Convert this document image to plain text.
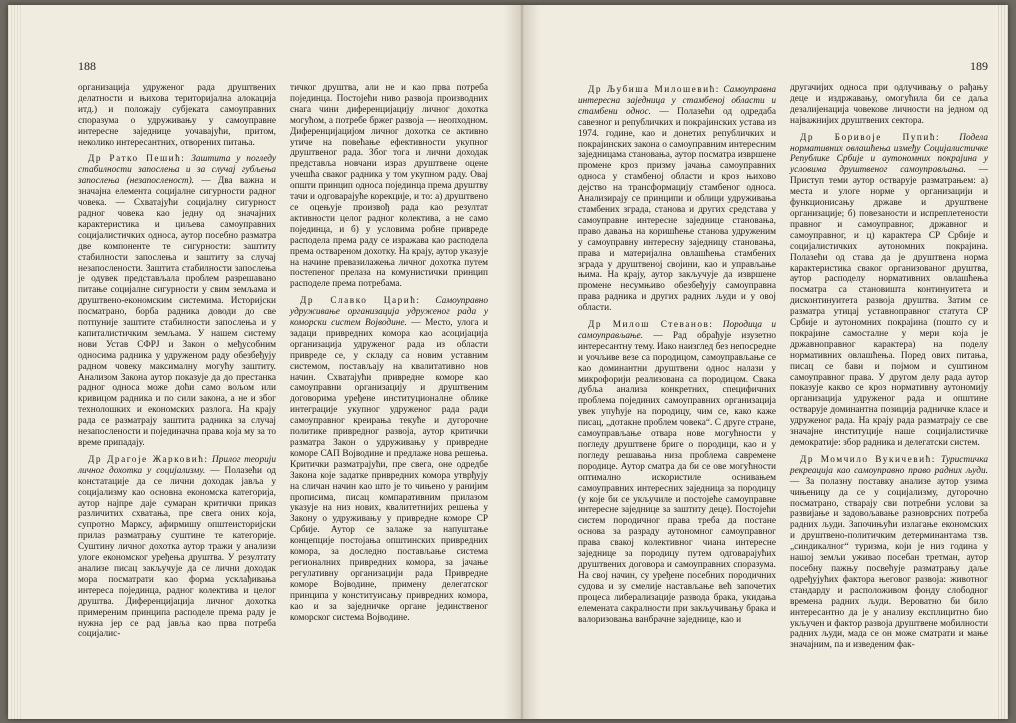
188

организација удруженог рада друштвених делатности и њихова територијална алокација итд.) и положају субјеката самоуправних споразума о удруживању у самоуправне интересне заједнице уочавајући, притом, неколико интересантних, отворених питања.

Др Ратко Пешић: Заштита у погледу стабилности запослења и за случај губљења запослења (незапосленост). — Два важна и значајна елемента социјалне сигурности радног човека. — Схватајући социјалну сигурност радног човека као једну од значајних карактеристика и циљева самоуправних социјалистичких односа, аутор посебно разматра две компоненте те сигурности: заштиту стабилности запослења и заштиту за случај незапослености. Заштита стабилности запослења је одувек представљала проблем разрешавано питање социјалне сигурности у свим земљама и друштвено-економским системима. Историјски посматрано, борба радника доводи до све потпуније заштите стабилности запослења и у капиталистичким земљама. У нашем систему нови Устав СФРЈ и Закон о међусобним односима радника у удруженом раду обезбеђују радном човеку максималну могућу заштиту. Анализом Закона аутор показује да до престанка радног односа може доћи само вољом или кривицом радника и по сили закона, а не и због технолошких и економских разлога. На крају рада се разматрају заштита радника за случај незапослености и појединачна права која му за то време припадају.

Др Драгоје Жарковић: Прилог теорији личног дохотка у социјализму. — Полазећи од констатације да се лични доходак јавља у социјализму као основна економска категорија, аутор најпре даје сумаран критички приказ различитих схватања, пре свега оних која, супротно Марксу, афирмишу општеисторијски прилаз разматрању суштине те категорије. Суштину личног дохотка аутор тражи у анализи улоге економског уређења друштва. У резултату анализе писац закључује да се лични доходак мора посматрати као форма усклађивања интереса појединца, радног колектива и целог друштва. Диференцијација личног дохотка примереним принципа расподеле према раду је нужна јер се рад јавља као прва потреба социјалис-

тичког друштва, али не и као прва потреба појединца. Постојећи ниво развоја производних снага чини диференцијацију личног дохотка могућом, а потребе бржег развоја — неопходном. Диференцијацијом личног дохотка се активно утиче на повећање ефективности укупног друштвеног рада. Због тога и лични доходак представља новчани израз друштвене оцене учешћа сваког радника у том укупном раду. Овај општи принцип односа појединца према друштву тачи и одговарајуће корекције, и то: а) друштвено се оцењује произвођ рада као резултат активности целог радног колектива, а не само појединца, и б) у условима робне привреде расподела према раду се изражава као расподела према оствареном дохотку. На крају, аутор указује на начине превазилажења личног дохотка путем постепеног прелаза на комунистички принцип расподеле према потребама.

Др Славко Царић: Самоуправно удруживање организација удруженог рада у коморски систем Војводине. — Место, улога и задаци привредних комора као асоцијација организација удруженог рада из области привреде се, у складу са новим уставним системом, постављају на квалитативно нов начин. Схватајући привредне коморе као самоуправни организацију и друштвеним договорима уређене институционалне облике интеграције укупног удруженог рада ради самоуправног креирања текуће и дугорочне политике привредног развоја, аутор критички разматра Закон о удруживању у привредне коморе САП Војводине и предлаже нова решења. Критички разматрајући, пре свега, оне одредбе Закона које задатке привредних комора утврђују на сличан начин као што је то чињено у ранијим прописима, писац компаративним прилазом указује на низ нових, квалитетнијих решења у Закону о удруживању у привредне коморе СР Србије. Аутор се залаже за напуштање концепције постојања општинских привредних комора, за доследно постављање система регионалних привредних комора, за јачање регулативну организацији рада Привредне коморе Војводине, примену делегатског принципа у конституисању привредних комора, као и за заједничке органе јединственог коморског система Војводине.

189

Др Љубиша Милошевић: Самоуправна интересна заједница у стамбеној области и стамбени однос. — Полазећи од одредаба савезног и републичких и покрајинских устава из 1974. године, као и донетих републичких и покрајинских закона о самоуправним интересним заједницама становања, аутор посматра извршене промене кроз призму јачања самоуправних односа у стамбеној области и кроз њихово дејство на трансформацију стамбеног односа. Анализирају се принципи и облици удруживања стамбених зграда, станова и других средстава у самоуправне интересне заједнице становања, право давања на коришћење станова удруженим у самоуправну интересну заједницу становања, права и материјална овлашћења стамбених зграда у друштвеној својини, као и управљање њима. На крају, аутор закључује да извршене промене несумњиво обезбеђују самоуправна права радника и других радних људи и у овој области.

Др Милош Стеванов: Породица и самоуправљање. — Рад обрађује изузетно интересантну тему. Иако наизглед без непосредне и уочљиве везе са породицом, самоуправљање се као доминантни друштвени однос налази у микрофорији реализована са породицом. Свака дубља анализа конкретних, специфичних проблема појединих самоуправних организација увек упућује на породицу, чим се, како каже писац, „дотакне проблем човека“. С друге стране, самоуправљање отвара нове могућности у погледу друштвене бриге о породици, као и у погледу решавања низа проблема савремене породице. Аутор сматра да би се ове могућности оптимално искористиле оснивањем самоуправних интересних заједница за породицу (у које би се укључиле и постојеће самоуправне интересне заједнице за заштиту деце). Постојећи систем породичног права треба да постане основа за разраду аутономног самоуправног права свакој колективног чиана интересне заједнице за породицу путем одговарајућих друштвених договора и самоуправних споразума. На свој начин, су уређене посебних породичних судова и зу смелије настављање већ започетих процеса либерализације развода брака, укидања елемената сакралности при закључивању брака и валоризовања ванбрачне заједнице, као и

другачијих односа при одлучивању о рађању деце и издржавању, омогућила би се даља дезалијенација човекове личности на једном од најважнијих друштвених сектора.

Др Боривоје Пупић: Подела нормативних овлашћења између Социјалистичке Републике Србије и аутономних покрајина у условима друштвеног самоуправљања. — Приступ теми аутор остварује разматрањем: а) места и улоге норме у организацији и функционисању државе и друштвене организације; б) повезаности и испреплетености правног и самоуправног, државног и самоуправног, и ц) карактера СР Србије и социјалистичких аутономних покрајина. Полазећи од става да је друштвена норма карактеристика сваког организованог друштва, аутор расподелу нормативних овлашћења посматра са становишта континуитета и дисконтинуитета развоја друштва. Затим се разматра утицај уставноправног статута СР Србије и аутономних покрајина (поштo су и покрајине самосталне у мери која је државноправног карактера) на поделу нормативних овлашћења. Поред ових питања, писац се бави и појмом и суштином самоуправног права. У другом делу рада аутор показује какво се кроз нормативну аутономију организација удруженог рада и општине остварује доминантна позиција радничке класе и удруженог рада. На крају рада разматрају се све значајне институције наше социјалистичке демократије: збор радника и делегатски систем.

Др Момчило Вукичевић: Туристичка рекреација као самоуправно право радних људи. — За полазну поставку анализе аутор узима чињеницу да се у социјализму, дугорочно посматрано, стварају сви потребни услови за развијање и задовољавање разноврсних потреба радних људи. Започињући излагање економских и друштвено-политичким детерминантама тзв. „синдикалног“ туризма, који је низ година у нашој земљи уживао посебан третман, аутор посебну пажњу посвећује разматрању даље одређујућих фактора његовог развоја: животног стандарду и расположивом фонду слободног времена радних људи. Вероватно би било интересантно да је у анализу експлицитно био укључен и фактор развоја друштвене мобилности радних људи, мада се он може сматрати и мање значајним, па и изведеним фак-
